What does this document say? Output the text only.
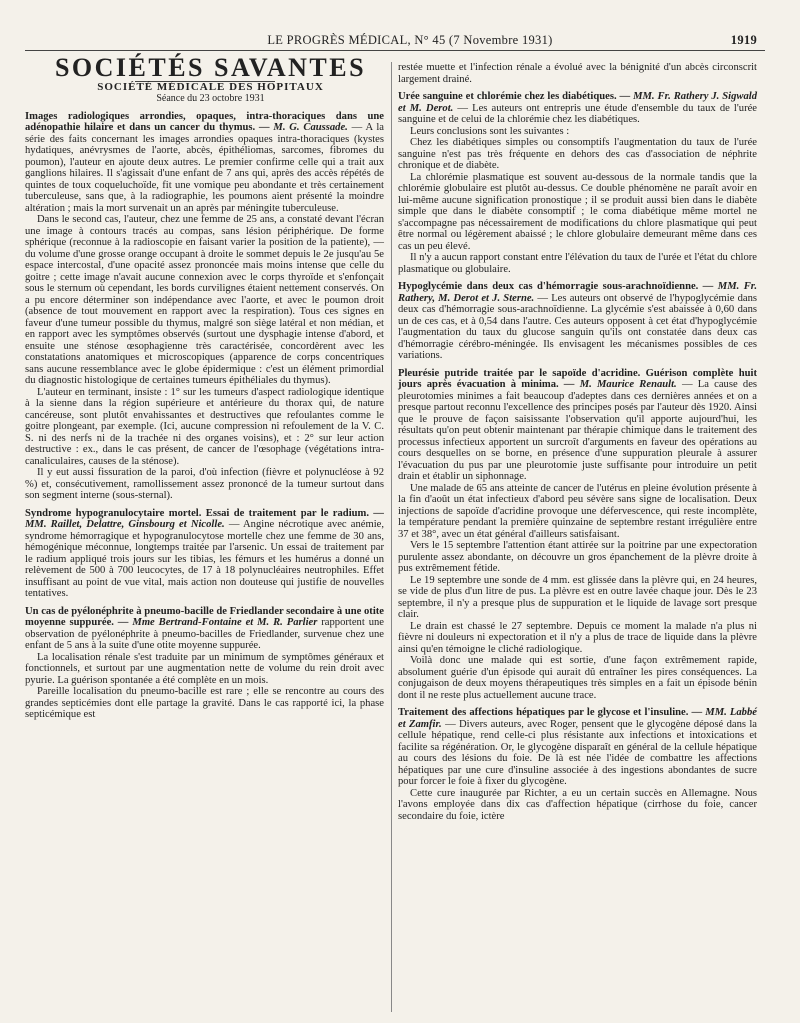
LE PROGRÈS MÉDICAL, N° 45 (7 Novembre 1931)	1919

SOCIÉTÉS SAVANTES

SOCIÉTÉ MÉDICALE DES HOPITAUX

Séance du 23 octobre 1931

Images radiologiques arrondies, opaques, intra-thoraciques dans une adénopathie hilaire et dans un cancer du thymus. — M. G. Caussade. — A la série des faits concernant les images arrondies opaques intra-thoraciques (kystes hydatiques, anévrysmes de l'aorte, abcès, épithéliomas, sarcomes, fibromes du poumon), l'auteur en ajoute deux autres. Le premier confirme celle qui a trait aux ganglions hilaires. Il s'agissait d'une enfant de 7 ans qui, après des accès répétés de quintes de toux coqueluchoïde, fit une vomique peu abondante et très certainement tuberculeuse, sans que, à la radiographie, les poumons aient présenté la moindre altération ; mais la mort survenait un an après par méningite tuberculeuse.

Dans le second cas, l'auteur, chez une femme de 25 ans, a constaté devant l'écran une image à contours tracés au compas, sans lésion périphérique. De forme sphérique (reconnue à la radioscopie en faisant varier la position de la patiente), — du volume d'une grosse orange occupant à droite le sommet depuis le 2e jusqu'au 5e espace intercostal, d'une opacité assez prononcée mais moins intense que celle du goitre ; cette image n'avait aucune connexion avec le corps thyroïde et s'enfonçait sous le sternum où cependant, les bords curvilignes étaient nettement conservés. On a pu encore déterminer son indépendance avec l'aorte, et avec le poumon droit (absence de tout mouvement en rapport avec la respiration). Tous ces signes en faveur d'une tumeur possible du thymus, malgré son siège latéral et non médian, et en rapport avec les symptômes observés (surtout une dysphagie intense d'abord, et ensuite une sténose œsophagienne très caractérisée, concordèrent avec les constatations anatomiques et microscopiques (apparence de corps concentriques sans aucune ressemblance avec le globe épidermique : c'est un élément primordial du diagnostic histologique de certaines tumeurs épithéliales du thymus).

L'auteur en terminant, insiste : 1° sur les tumeurs d'aspect radiologique identique à la sienne dans la région supérieure et antérieure du thorax qui, de nature cancéreuse, sont plutôt envahissantes et destructives que refoulantes comme le goitre plongeant, par exemple. (Ici, aucune compression ni refoulement de la V. C. S. ni des nerfs ni de la trachée ni des organes voisins), et : 2° sur leur action destructive : ex., dans le cas présent, de cancer de l'œsophage (végétations intra-canaliculaires, causes de la sténose).

Il y eut aussi fissuration de la paroi, d'où infection (fièvre et polynucléose à 92 %) et, consécutivement, ramollissement assez prononcé de la tumeur surtout dans son segment interne (sous-sternal).

Syndrome hypogranulocytaire mortel. Essai de traitement par le radium. — MM. Raillet, Delattre, Ginsbourg et Nicolle. — Angine nécrotique avec anémie, syndrome hémorragique et hypogranulocytose mortelle chez une femme de 30 ans, hémogénique méconnue, longtemps traitée par l'arsenic. Un essai de traitement par le radium appliqué trois jours sur les tibias, les fémurs et les humérus a donné un relèvement de 500 à 700 leucocytes, de 17 à 18 polynucléaires neutrophiles. Effet insuffisant au point de vue vital, mais action non douteuse qui justifie de nouvelles tentatives.

Un cas de pyélonéphrite à pneumo-bacille de Friedlander secondaire à une otite moyenne suppurée. — Mme Bertrand-Fontaine et M. R. Parlier rapportent une observation de pyélonéphrite à pneumo-bacilles de Friedlander, survenue chez une enfant de 5 ans à la suite d'une otite moyenne suppurée.

La localisation rénale s'est traduite par un minimum de symptômes généraux et fonctionnels, et surtout par une augmentation nette de volume du rein droit avec pyurie. La guérison spontanée a été complète en un mois.

Pareille localisation du pneumo-bacille est rare ; elle se rencontre au cours des grandes septicémies dont elle partage la gravité. Dans le cas rapporté ici, la phase septicémique est

restée muette et l'infection rénale a évolué avec la bénignité d'un abcès circonscrit largement drainé.

Urée sanguine et chlorémie chez les diabétiques. — MM. Fr. Rathery J. Sigwald et M. Derot. — Les auteurs ont entrepris une étude d'ensemble du taux de l'urée sanguine et de celui de la chlorémie chez les diabétiques.

Leurs conclusions sont les suivantes :

Chez les diabétiques simples ou consomptifs l'augmentation du taux de l'urée sanguine n'est pas très fréquente en dehors des cas d'association de néphrite chronique et de diabète.

La chlorémie plasmatique est souvent au-dessous de la normale tandis que la chlorémie globulaire est plutôt au-dessus. Ce double phénomène ne paraît avoir en lui-même aucune signification pronostique ; il se produit aussi bien dans le diabète simple que dans le diabète consomptif ; le coma diabétique même mortel ne s'accompagne pas nécessairement de modifications du chlore plasmatique qui peut être normal ou légèrement abaissé ; le chlore globulaire demeurant même dans ces cas un peu élevé.

Il n'y a aucun rapport constant entre l'élévation du taux de l'urée et l'état du chlore plasmatique ou globulaire.

Hypoglycémie dans deux cas d'hémorragie sous-arachnoïdienne. — MM. Fr. Rathery, M. Derot et J. Sterne. — Les auteurs ont observé de l'hypoglycémie dans deux cas d'hémorragie sous-arachnoïdienne. La glycémie s'est abaissée à 0,60 dans un de ces cas, et à 0,54 dans l'autre. Ces auteurs opposent à cet état d'hypoglycémie l'augmentation du taux du glucose sanguin qu'ils ont constatée dans deux cas d'hémorragie cérébro-méningée. Ils envisagent les mécanismes possibles de ces variations.

Pleurésie putride traitée par le sapoïde d'acridine. Guérison complète huit jours après évacuation à minima. — M. Maurice Renault. — La cause des pleurotomies minimes a fait beaucoup d'adeptes dans ces dernières années et on a presque partout reconnu l'excellence des principes posés par l'auteur dès 1920. Ainsi que le prouve de façon saisissante l'observation qu'il apporte aujourd'hui, les résultats qu'on peut obtenir maintenant par thérapie chimique dans le traitement des processus infectieux apportent un surcroît d'arguments en faveur des opérations au cours desquelles on se borne, en présence d'une suppuration pleurale à assurer l'évacuation du pus par une pleurotomie juste suffisante pour introduire un petit drain et établir un siphonnage.

Une malade de 65 ans atteinte de cancer de l'utérus en pleine évolution présente à la fin d'août un état infectieux d'abord peu sévère sans signe de localisation. Deux injections de sapoïde d'acridine provoque une défervescence, qui reste incomplète, la température pendant la première quinzaine de septembre restant irrégulière entre 37 et 38°, avec un état général d'ailleurs satisfaisant.

Vers le 15 septembre l'attention étant attirée sur la poitrine par une expectoration purulente assez abondante, on découvre un gros épanchement de la plèvre droite à pus extrêmement fétide.

Le 19 septembre une sonde de 4 mm. est glissée dans la plèvre qui, en 24 heures, se vide de plus d'un litre de pus. La plèvre est en outre lavée chaque jour. Dès le 23 septembre, il n'y a presque plus de suppuration et le liquide de lavage sort presque clair.

Le drain est chassé le 27 septembre. Depuis ce moment la malade n'a plus ni fièvre ni douleurs ni expectoration et il n'y a plus de trace de liquide dans la plèvre ainsi qu'en témoigne le cliché radiologique.

Voilà donc une malade qui est sortie, d'une façon extrêmement rapide, absolument guérie d'un épisode qui aurait dû entraîner les pires conséquences. La conjugaison de deux moyens thérapeutiques très simples en a fait un épisode bénin dont il ne reste plus actuellement aucune trace.

Traitement des affections hépatiques par le glycose et l'insuline. — MM. Labbé et Zamfir. — Divers auteurs, avec Roger, pensent que le glycogène déposé dans la cellule hépatique, rend celle-ci plus résistante aux infections et intoxications et facilite sa régénération. Or, le glycogène disparaît en général de la cellule hépatique au cours des lésions du foie. De là est née l'idée de combattre les affections hépatiques par une cure d'insuline associée à des ingestions abondantes de sucre pour forcer le foie à fixer du glycogène.

Cette cure inaugurée par Richter, a eu un certain succès en Allemagne. Nous l'avons employée dans dix cas d'affection hépatique (cirrhose du foie, cancer secondaire du foie, ictère
